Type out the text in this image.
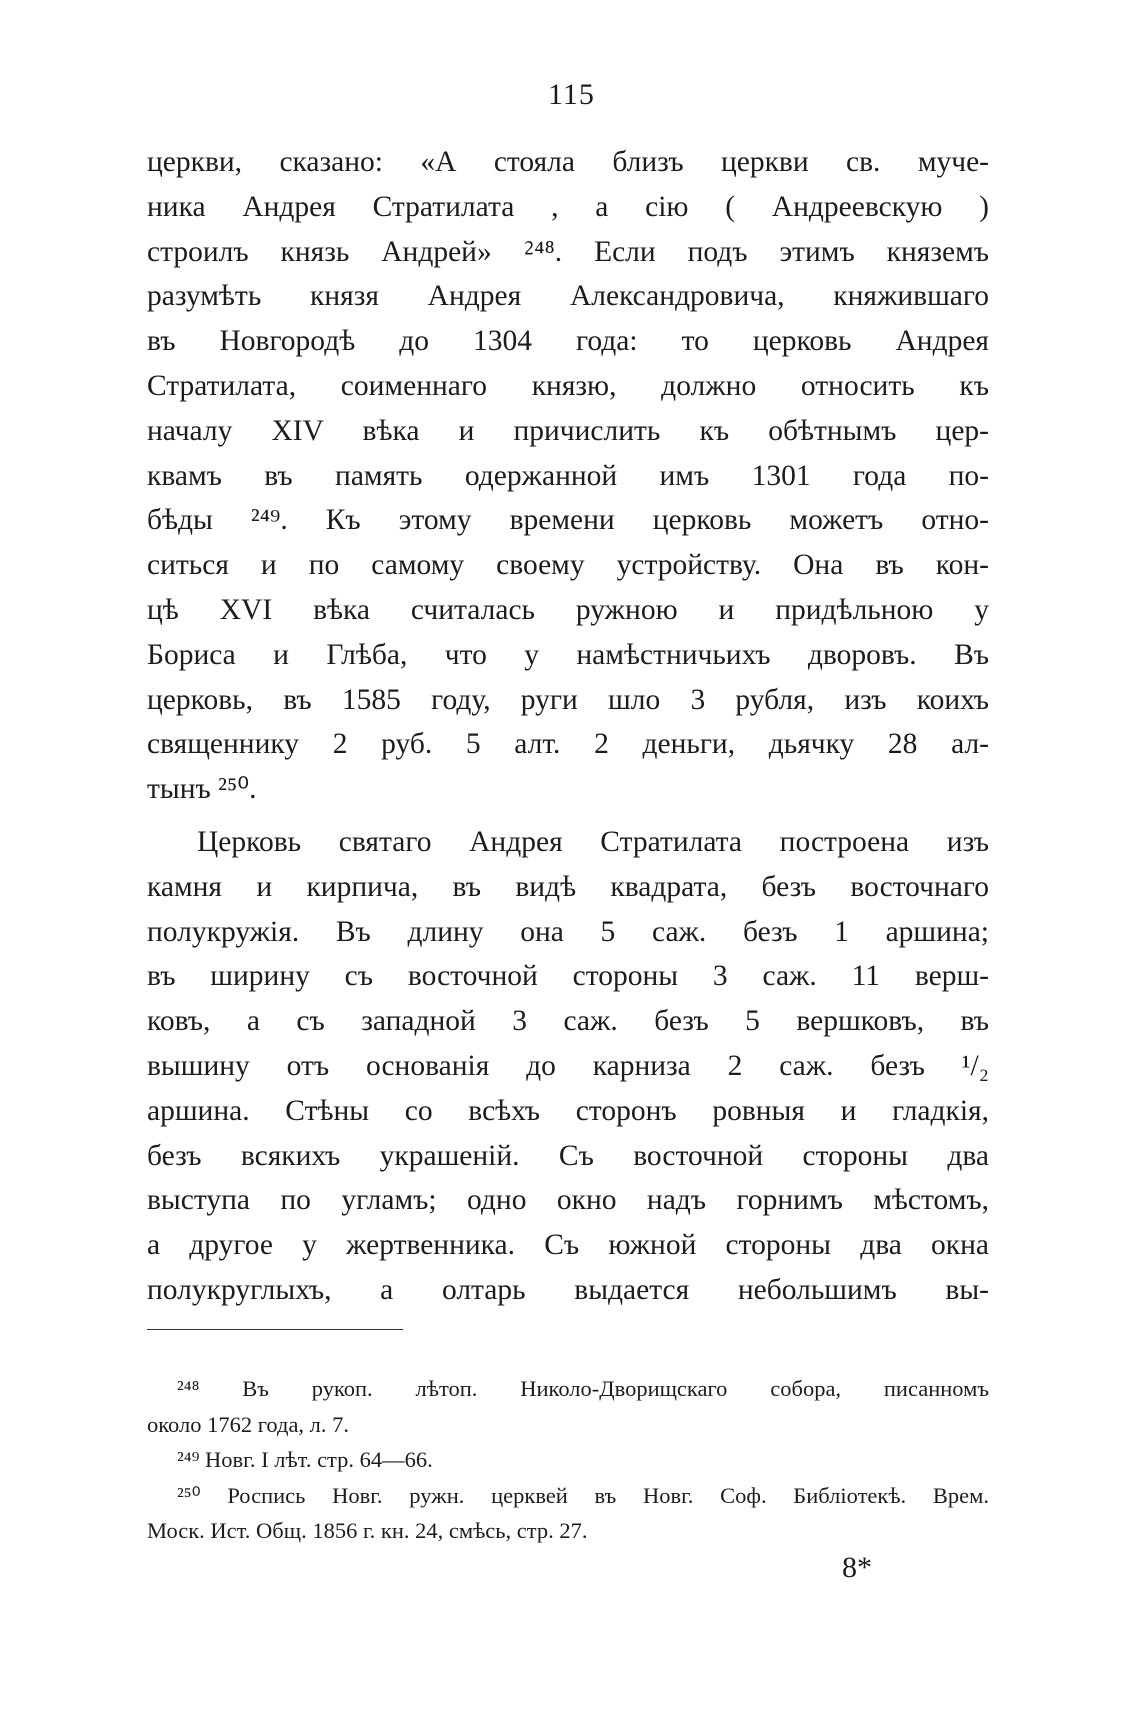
115
церкви, сказано: «А стояла близъ церкви св. муче-
ника Андрея Стратилата , а сію ( Андреевскую )
строилъ князь Андрей» ⁲⁴⁸. Если подъ этимъ княземъ
разумѣть князя Андрея Александровича, княжившаго
въ Новгородѣ до 1304 года: то церковь Андрея
Стратилата, соименнаго князю, должно относить къ
началу XIV вѣка и причислить къ обѣтнымъ цер-
квамъ въ память одержанной имъ 1301 года по-
бѣды ²⁴⁹. Къ этому времени церковь можетъ отно-
ситься и по самому своему устройству. Она въ кон-
цѣ XVI вѣка считалась ружною и придѣльною у
Бориса и Глѣба, что у намѣстничьихъ дворовъ. Въ
церковь, въ 1585 году, руги шло 3 рубля, изъ коихъ
священнику 2 руб. 5 алт. 2 деньги, дьячку 28 ал-
тынъ ²⁵⁰.
Церковь святаго Андрея Стратилата построена изъ
камня и кирпича, въ видѣ квадрата, безъ восточнаго
полукружія. Въ длину она 5 саж. безъ 1 аршина;
въ ширину съ восточной стороны 3 саж. 11 верш-
ковъ, а съ западной 3 саж. безъ 5 вершковъ, въ
вышину отъ основанія до карниза 2 саж. безъ ¹/₂
аршина. Стѣны со всѣхъ сторонъ ровныя и гладкія,
безъ всякихъ украшеній. Съ восточной стороны два
выступа по угламъ; одно окно надъ горнимъ мѣстомъ,
а другое у жертвенника. Съ южной стороны два окна
полукруглыхъ, а олтарь выдается небольшимъ вы-
²⁴⁸ Въ рукоп. лѣтоп. Николо-Дворищскаго собора, писанномъ
около 1762 года, л. 7.
²⁴⁹ Новг. I лѣт. стр. 64—66.
²⁵⁰ Роспись Новг. ружн. церквей въ Новг. Соф. Библіотекѣ. Врем.
Моск. Ист. Общ. 1856 г. кн. 24, смѣсь, стр. 27.
8*
